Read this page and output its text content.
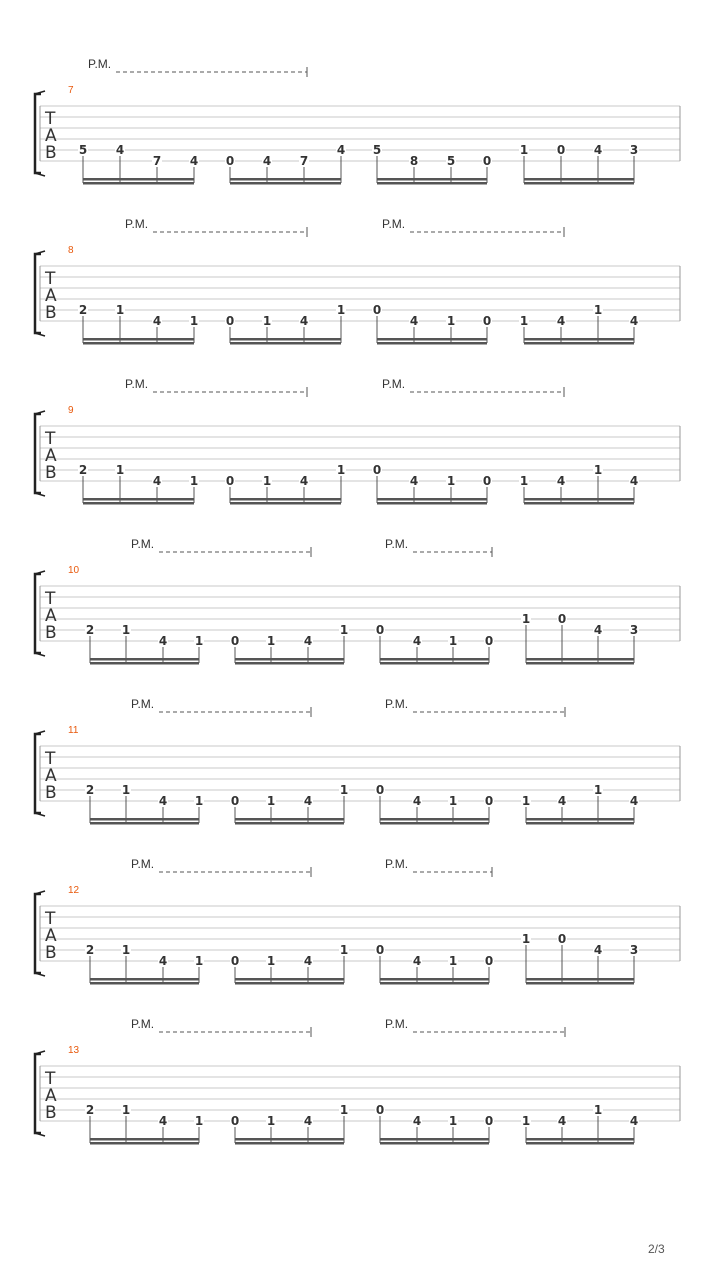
T
A
B
7
P.M.
5 4
7 4 0 4 7
4 5
8 5 0
1 0 4 3
T
A
B
8
P.M.	P.M.
2 1
4 1 0 1 4
1 0
4 1 0 1 4
1
4
T
A
B
9
P.M.	P.M.
2 1
4 1 0 1 4
1 0
4 1 0 1 4
1
4
T
A
B
10
P.M.	P.M.
2 1
4 1 0 1 4
1 0
4 1 0
1 0
4 3
T
A
B
11
P.M.	P.M.
2 1
4 1 0 1 4
1 0
4 1 0 1 4
1
4
T
A
B
12
P.M.	P.M.
2 1
4 1 0 1 4
1 0
4 1 0
1 0
4 3
T
A
B
13
P.M.	P.M.
2 1
4 1 0 1 4
1 0
4 1 0 1 4
1
4
2/3
